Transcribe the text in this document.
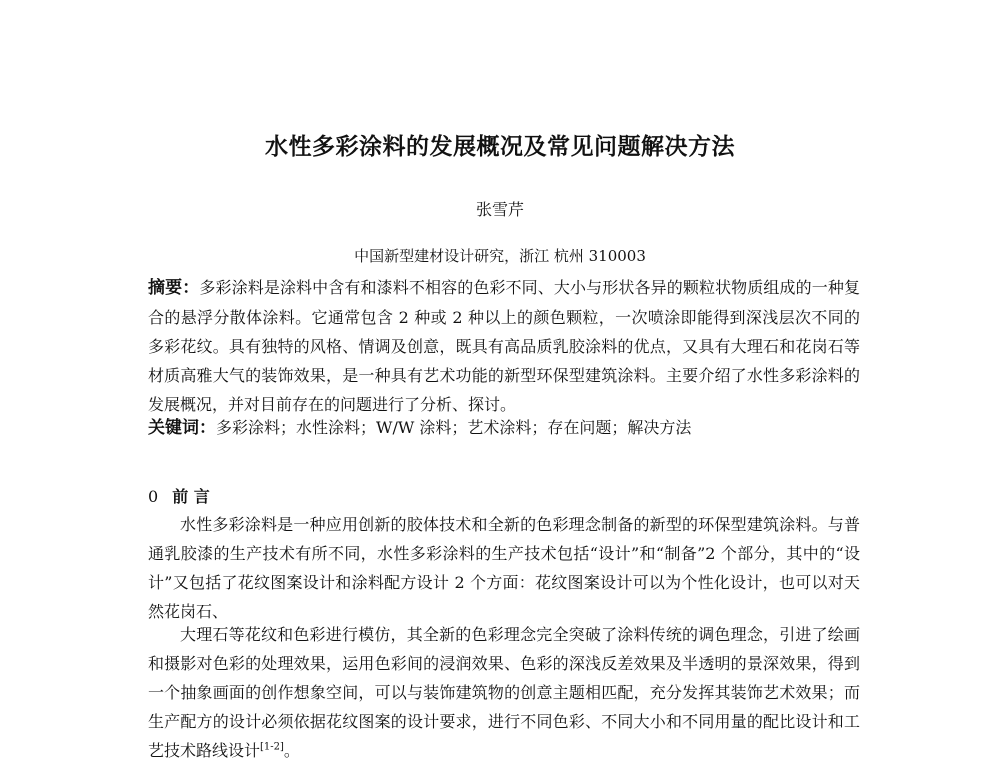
水性多彩涂料的发展概况及常见问题解决方法
张雪芹
中国新型建材设计研究，浙江 杭州 310003
摘要：多彩涂料是涂料中含有和漆料不相容的色彩不同、大小与形状各异的颗粒状物质组成的一种复合的悬浮分散体涂料。它通常包含 2 种或 2 种以上的颜色颗粒，一次喷涂即能得到深浅层次不同的多彩花纹。具有独特的风格、情调及创意，既具有高品质乳胶涂料的优点，又具有大理石和花岗石等材质高雅大气的装饰效果，是一种具有艺术功能的新型环保型建筑涂料。主要介绍了水性多彩涂料的发展概况，并对目前存在的问题进行了分析、探讨。
关键词：多彩涂料；水性涂料；W/W 涂料；艺术涂料；存在问题；解决方法
0 前 言
水性多彩涂料是一种应用创新的胶体技术和全新的色彩理念制备的新型的环保型建筑涂料。与普通乳胶漆的生产技术有所不同，水性多彩涂料的生产技术包括“设计”和“制备”2 个部分，其中的“设计”又包括了花纹图案设计和涂料配方设计 2 个方面：花纹图案设计可以为个性化设计，也可以对天然花岗石、
大理石等花纹和色彩进行模仿，其全新的色彩理念完全突破了涂料传统的调色理念，引进了绘画和摄影对色彩的处理效果，运用色彩间的浸润效果、色彩的深浅反差效果及半透明的景深效果，得到一个抽象画面的创作想象空间，可以与装饰建筑物的创意主题相匹配，充分发挥其装饰艺术效果；而生产配方的设计必须依据花纹图案的设计要求，进行不同色彩、不同大小和不同用量的配比设计和工艺技术路线设计[1-2]。
